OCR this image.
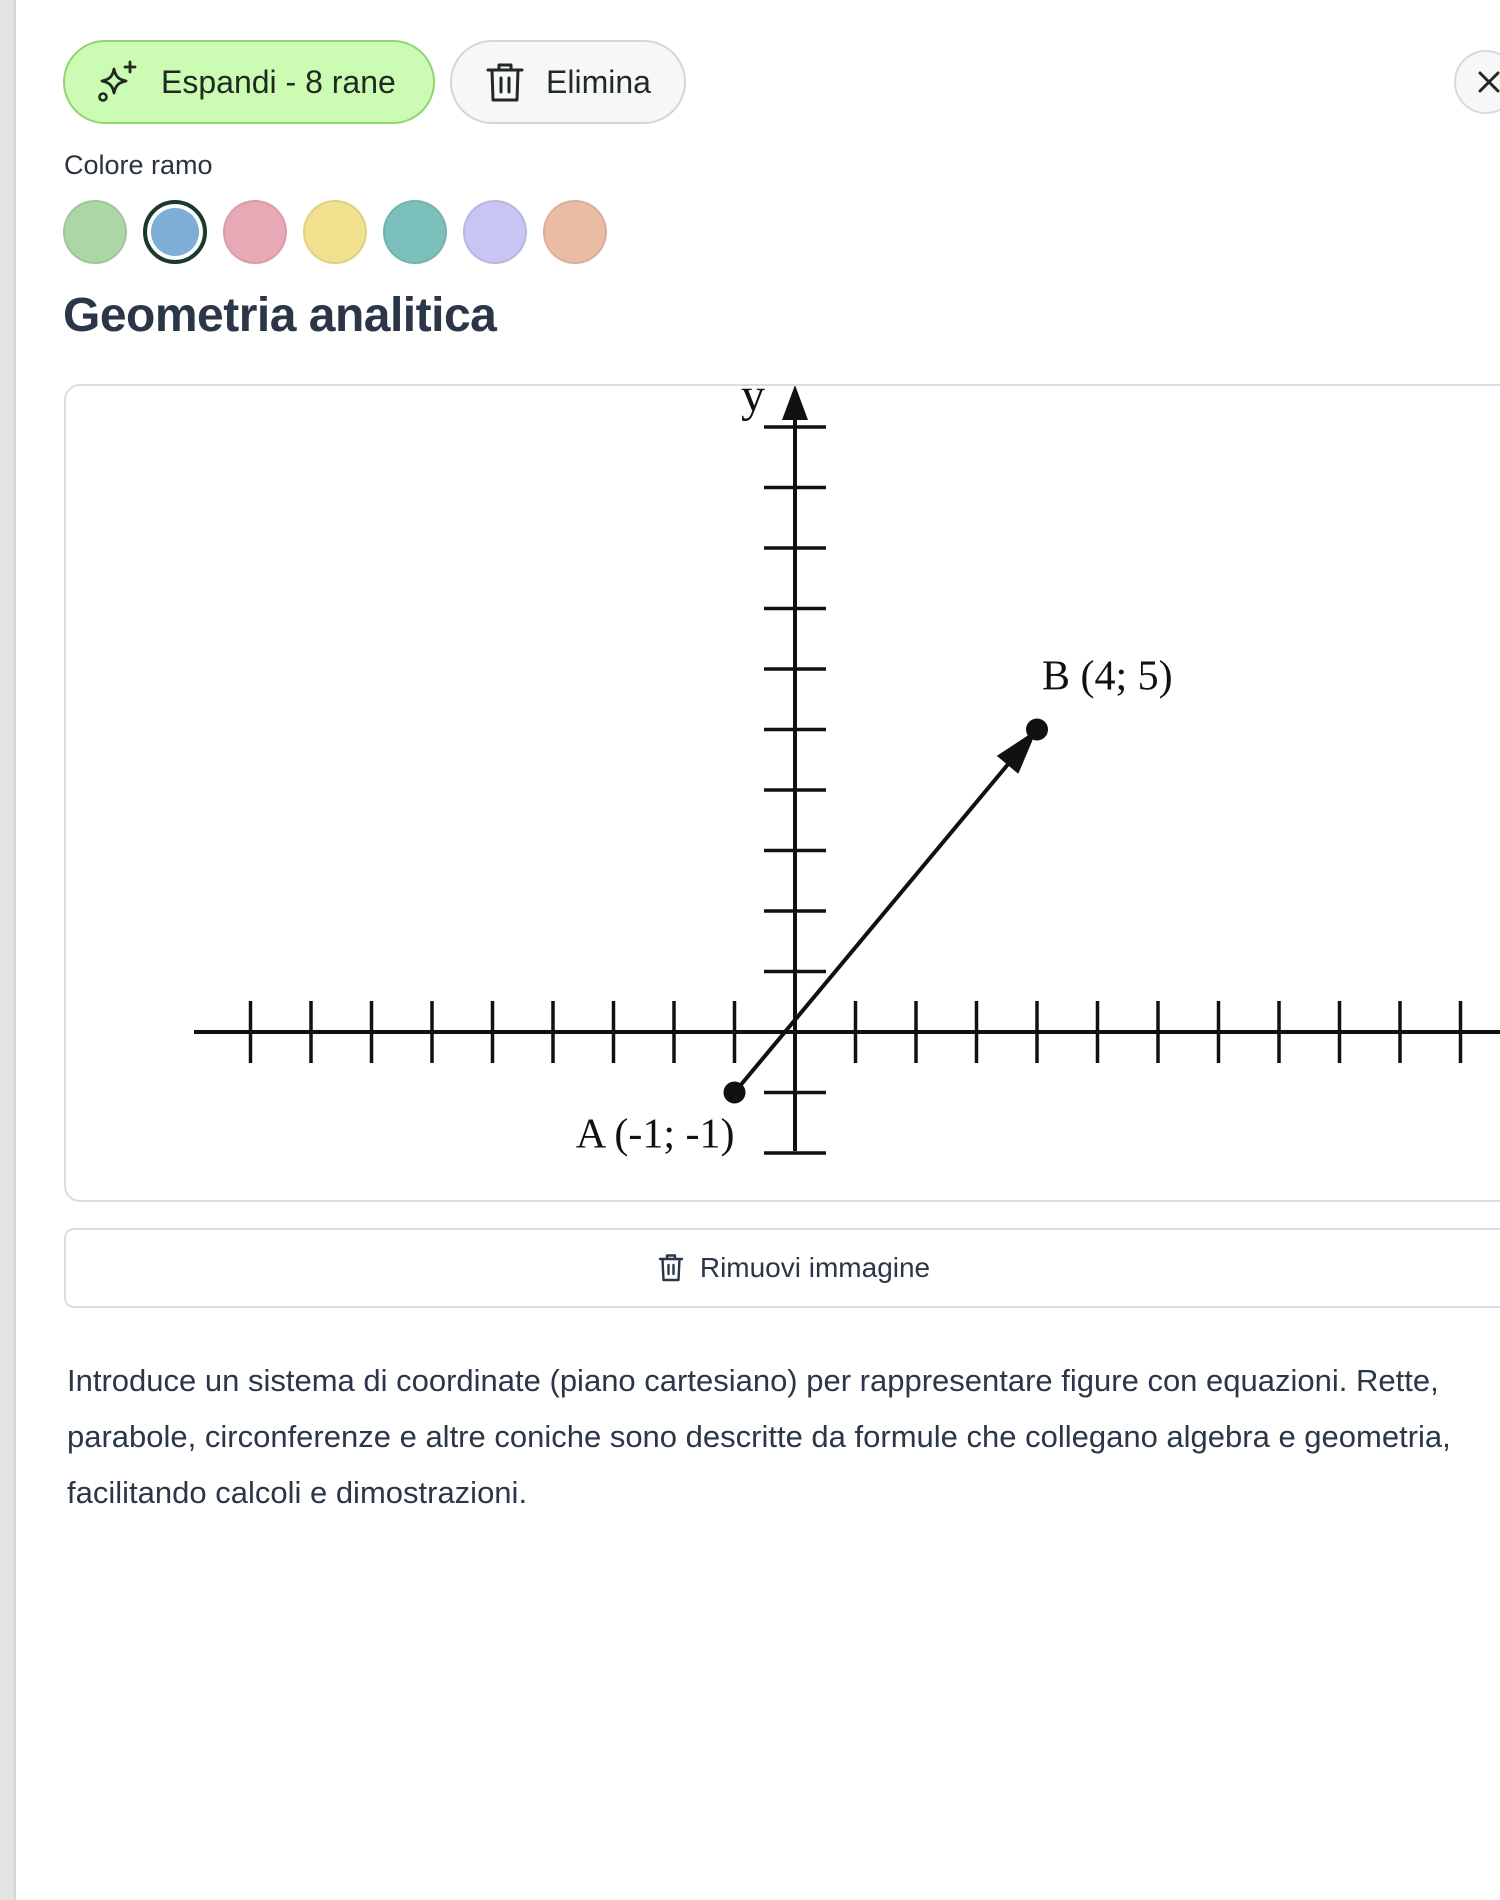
Espandi - 8 rane	Elimina
Colore ramo
Geometria analitica
y
A (-1; -1)
B (4; 5)
Rimuovi immagine

Introduce un sistema di coordinate (piano cartesiano) per rappresentare figure con equazioni. Rette, parabole, circonferenze e altre coniche sono descritte da formule che collegano algebra e geometria, facilitando calcoli e dimostrazioni.
